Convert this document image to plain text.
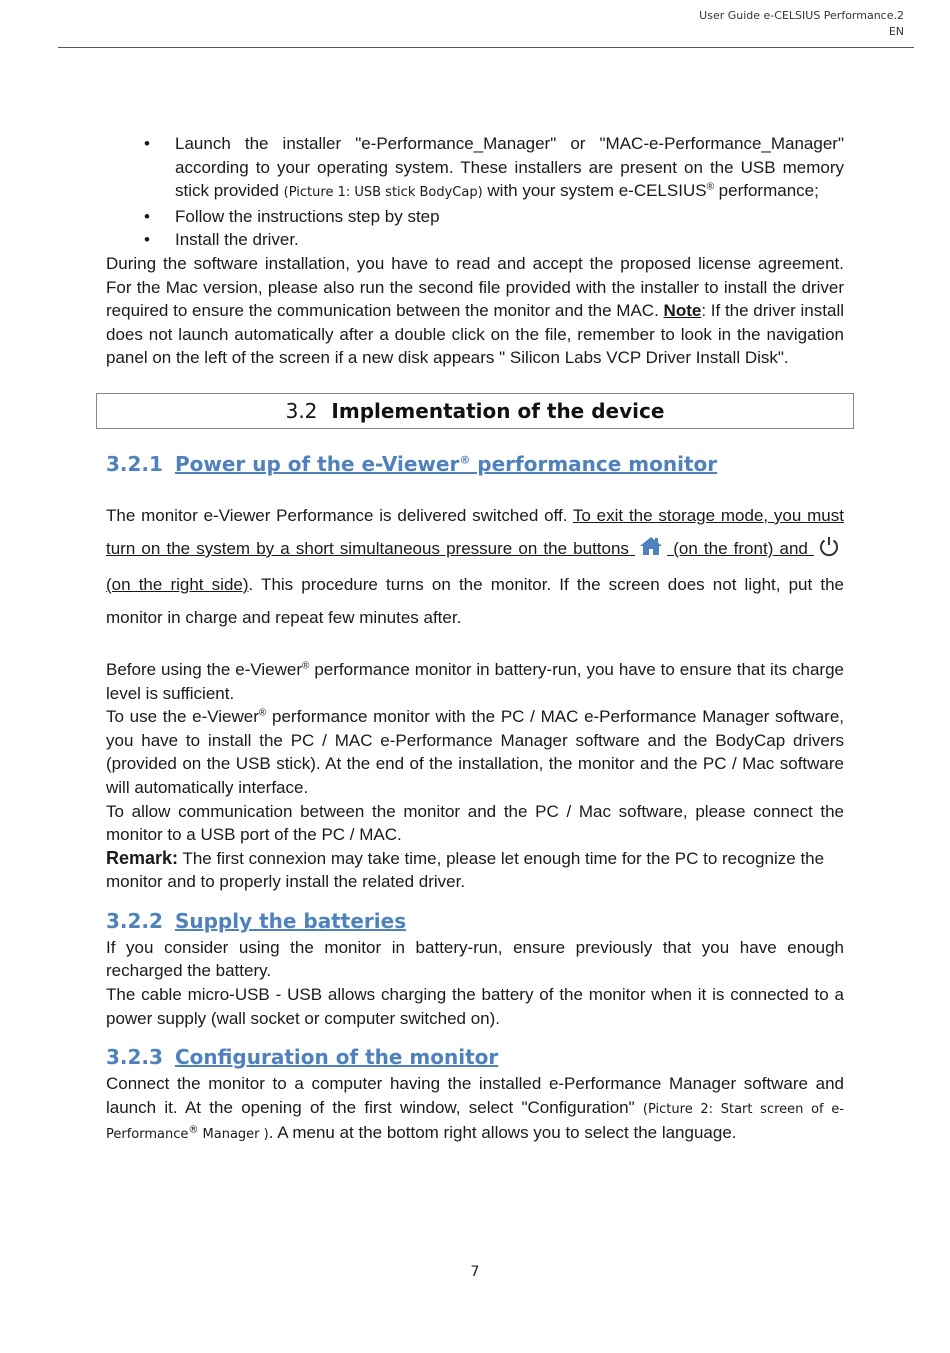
User Guide e-CELSIUS Performance.2
EN
• Launch the installer "e-Performance_Manager" or "MAC-e-Performance_Manager" according to your operating system. These installers are present on the USB memory stick provided (Picture 1: USB stick BodyCap) with your system e-CELSIUS® performance;
• Follow the instructions step by step
• Install the driver.

During the software installation, you have to read and accept the proposed license agreement. For the Mac version, please also run the second file provided with the installer to install the driver required to ensure the communication between the monitor and the MAC. Note: If the driver install does not launch automatically after a double click on the file, remember to look in the navigation panel on the left of the screen if a new disk appears " Silicon Labs VCP Driver Install Disk".

3.2 Implementation of the device
3.2.1 Power up of the e-Viewer® performance monitor

The monitor e-Viewer Performance is delivered switched off. To exit the storage mode, you must turn on the system by a short simultaneous pressure on the buttons  (on the front) and  (on the right side). This procedure turns on the monitor. If the screen does not light, put the monitor in charge and repeat few minutes after.

Before using the e-Viewer® performance monitor in battery-run, you have to ensure that its charge level is sufficient.

To use the e-Viewer® performance monitor with the PC / MAC e-Performance Manager software, you have to install the PC / MAC e-Performance Manager software and the BodyCap drivers (provided on the USB stick). At the end of the installation, the monitor and the PC / Mac software will automatically interface.

To allow communication between the monitor and the PC / Mac software, please connect the monitor to a USB port of the PC / MAC.

Remark: The first connexion may take time, please let enough time for the PC to recognize the monitor and to properly install the related driver.

3.2.2 Supply the batteries

If you consider using the monitor in battery-run, ensure previously that you have enough recharged the battery.

The cable micro-USB - USB allows charging the battery of the monitor when it is connected to a power supply (wall socket or computer switched on).

3.2.3 Configuration of the monitor

Connect the monitor to a computer having the installed e-Performance Manager software and launch it. At the opening of the first window, select "Configuration" (Picture 2: Start screen of e-Performance® Manager ). A menu at the bottom right allows you to select the language.

7
